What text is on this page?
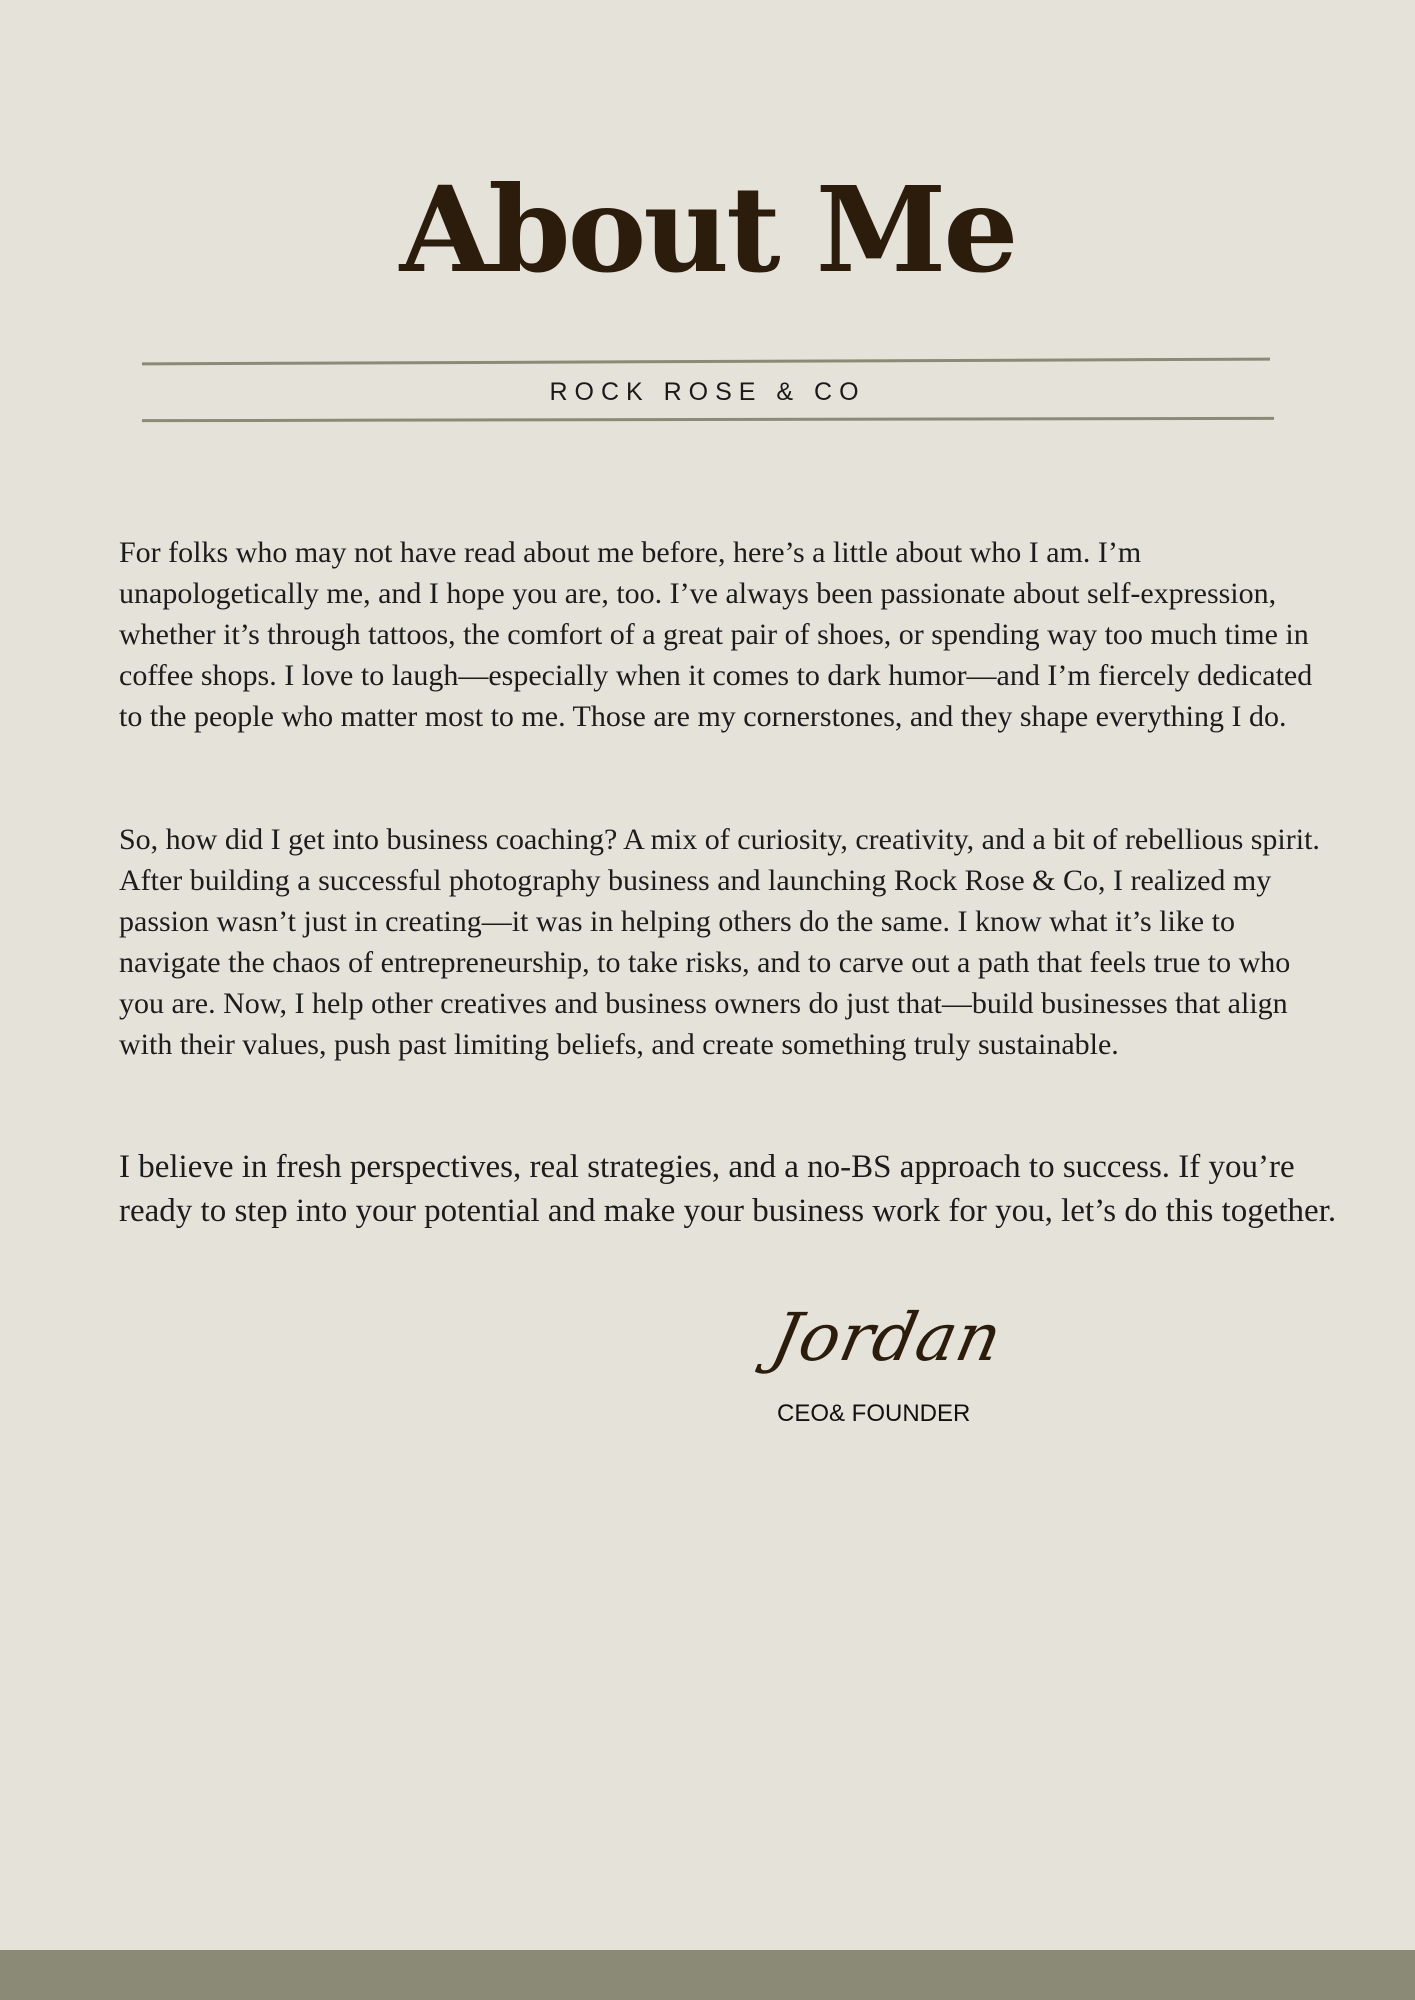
About Me
ROCK ROSE & CO

For folks who may not have read about me before, here’s a little about who I am. I’m unapologetically me, and I hope you are, too. I’ve always been passionate about self-expression, whether it’s through tattoos, the comfort of a great pair of shoes, or spending way too much time in coffee shops. I love to laugh—especially when it comes to dark humor—and I’m fiercely dedicated to the people who matter most to me. Those are my cornerstones, and they shape everything I do.

So, how did I get into business coaching? A mix of curiosity, creativity, and a bit of rebellious spirit. After building a successful photography business and launching Rock Rose & Co, I realized my passion wasn’t just in creating—it was in helping others do the same. I know what it’s like to navigate the chaos of entrepreneurship, to take risks, and to carve out a path that feels true to who you are. Now, I help other creatives and business owners do just that—build businesses that align with their values, push past limiting beliefs, and create something truly sustainable.

I believe in fresh perspectives, real strategies, and a no-BS approach to success. If you’re ready to step into your potential and make your business work for you, let’s do this together.

Jordan
CEO& FOUNDER
